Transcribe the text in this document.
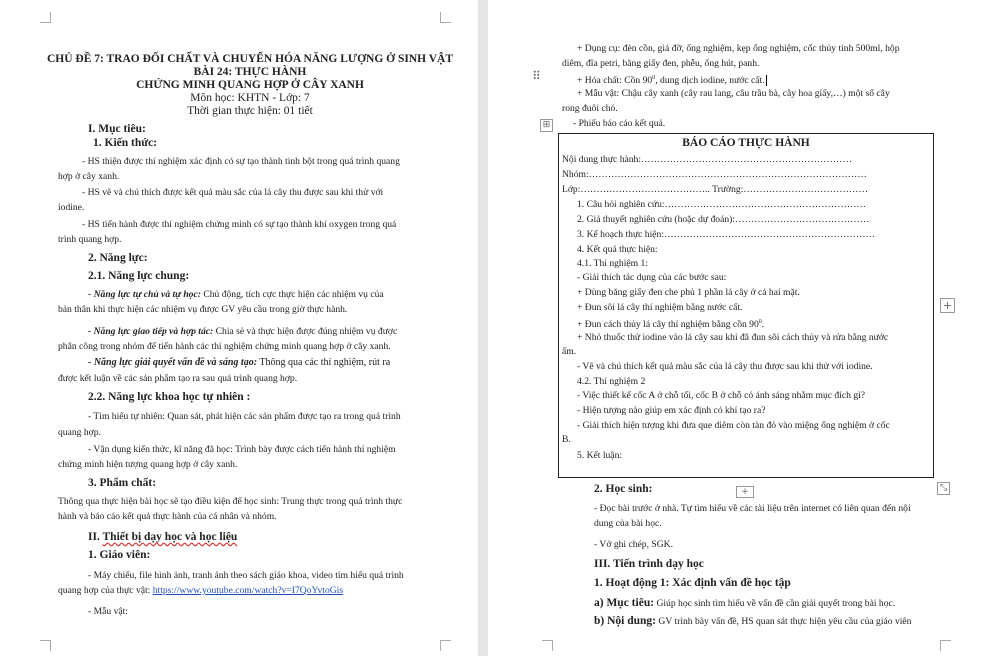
CHỦ ĐỀ 7: TRAO ĐỔI CHẤT VÀ CHUYỂN HÓA NĂNG LƯỢNG Ở SINH VẬT
BÀI 24: THỰC HÀNH
CHỨNG MINH QUANG HỢP Ở CÂY XANH
Môn học: KHTN - Lớp: 7
Thời gian thực hiện: 01 tiết
I. Mục tiêu:
1. Kiến thức:
- HS thiện được thí nghiệm xác định có sự tạo thành tinh bột trong quá trình quang
hợp ở cây xanh.
- HS vẽ và chú thích được kết quả màu sắc của lá cây thu được sau khi thử với
iodine.
- HS tiến hành được thí nghiệm chứng minh có sự tạo thành khí oxygen trong quá
trình quang hợp.
2. Năng lực:
2.1. Năng lực chung:
- Năng lực tự chủ và tự học: Chủ động, tích cực thực hiện các nhiệm vụ của
bản thân khi thực hiện các nhiệm vụ được GV yêu cầu trong giờ thực hành.
- Năng lực giao tiếp và hợp tác: Chia sẻ và thực hiện được đúng nhiệm vụ được
phân công trong nhóm để tiến hành các thí nghiệm chứng minh quang hợp ở cây xanh.
- Năng lực giải quyết vấn đề và sáng tạo: Thông qua các thí nghiệm, rút ra
được kết luận về các sản phẩm tạo ra sau quá trình quang hợp.
2.2. Năng lực khoa học tự nhiên :
- Tìm hiểu tự nhiên: Quan sát, phát hiện các sản phẩm được tạo ra trong quá trình
quang hợp.
- Vận dụng kiến thức, kĩ năng đã học: Trình bày được cách tiến hành thí nghiệm
chứng minh hiện tượng quang hợp ở cây xanh.
3. Phẩm chất:
Thông qua thực hiện bài học sẽ tạo điều kiện để học sinh: Trung thực trong quá trình thực
hành và báo cáo kết quả thực hành của cá nhân và nhóm.
II. Thiết bị dạy học và học liệu
1. Giáo viên:
- Máy chiếu, file hình ảnh, tranh ảnh theo sách giáo khoa, video tìm hiểu quá trình
quang hợp của thực vật: https://www.youtube.com/watch?v=I7QoYvtoGis
- Mẫu vật:
+ Dụng cụ: đèn cồn, giá đỡ, ống nghiệm, kẹp ống nghiệm, cốc thủy tinh 500ml, hộp
diêm, đĩa petri, băng giấy đen, phễu, ống hút, panh.
⠿	+ Hóa chất: Cồn $90^0$, dung dịch iodine, nước cất.
+ Mẫu vật: Chậu cây xanh (cây rau lang, câu trầu bà, cây hoa giấy,…) một số cây
rong đuôi chó.
⊞ - Phiếu báo cáo kết quả.
BÁO CÁO THỰC HÀNH
Nội dung thực hành:…………………………………………………………
Nhóm:……………………………………………………………………………
Lớp:………………………………….. Trường:…………………………………
1. Câu hỏi nghiên cứu:………………………………………………………
2. Giả thuyết nghiên cứu (hoặc dự đoán):……………………………………
3. Kế hoạch thực hiện:…………………………………………………………
4. Kết quả thực hiện:
4.1. Thí nghiệm 1:
- Giải thích tác dụng của các bước sau:
+ Dùng băng giấy đen che phủ 1 phần lá cây ở cả hai mặt.
+ Đun sôi lá cây thí nghiệm bằng nước cất.
+ Đun cách thủy lá cây thí nghiệm bằng cồn $90^0$.
+ Nhỏ thuốc thử iodine vào lá cây sau khi đã đun sôi cách thủy và rửa bằng nước
ấm.
- Vẽ và chú thích kết quả màu sắc của lá cây thu được sau khi thử với iodine.
4.2. Thí nghiệm 2
- Việc thiết kế cốc A ở chỗ tối, cốc B ở chỗ có ánh sáng nhằm mục đích gì?
- Hiện tượng nào giúp em xác định có khí tạo ra?
- Giải thích hiện tượng khi đưa que diêm còn tàn đỏ vào miệng ống nghiệm ở cốc
B.
5. Kết luận:
+
+	⤡
2. Học sinh:
- Đọc bài trước ở nhà. Tự tìm hiểu về các tài liệu trên internet có liên quan đến nội
dung của bài học.
- Vở ghi chép, SGK.
III. Tiến trình dạy học
1. Hoạt động 1: Xác định vấn đề học tập
a) Mục tiêu: Giúp học sinh tìm hiểu về vấn đề cần giải quyết trong bài học.
b) Nội dung: GV trình bày vấn đề, HS quan sát thực hiện yêu cầu của giáo viên
